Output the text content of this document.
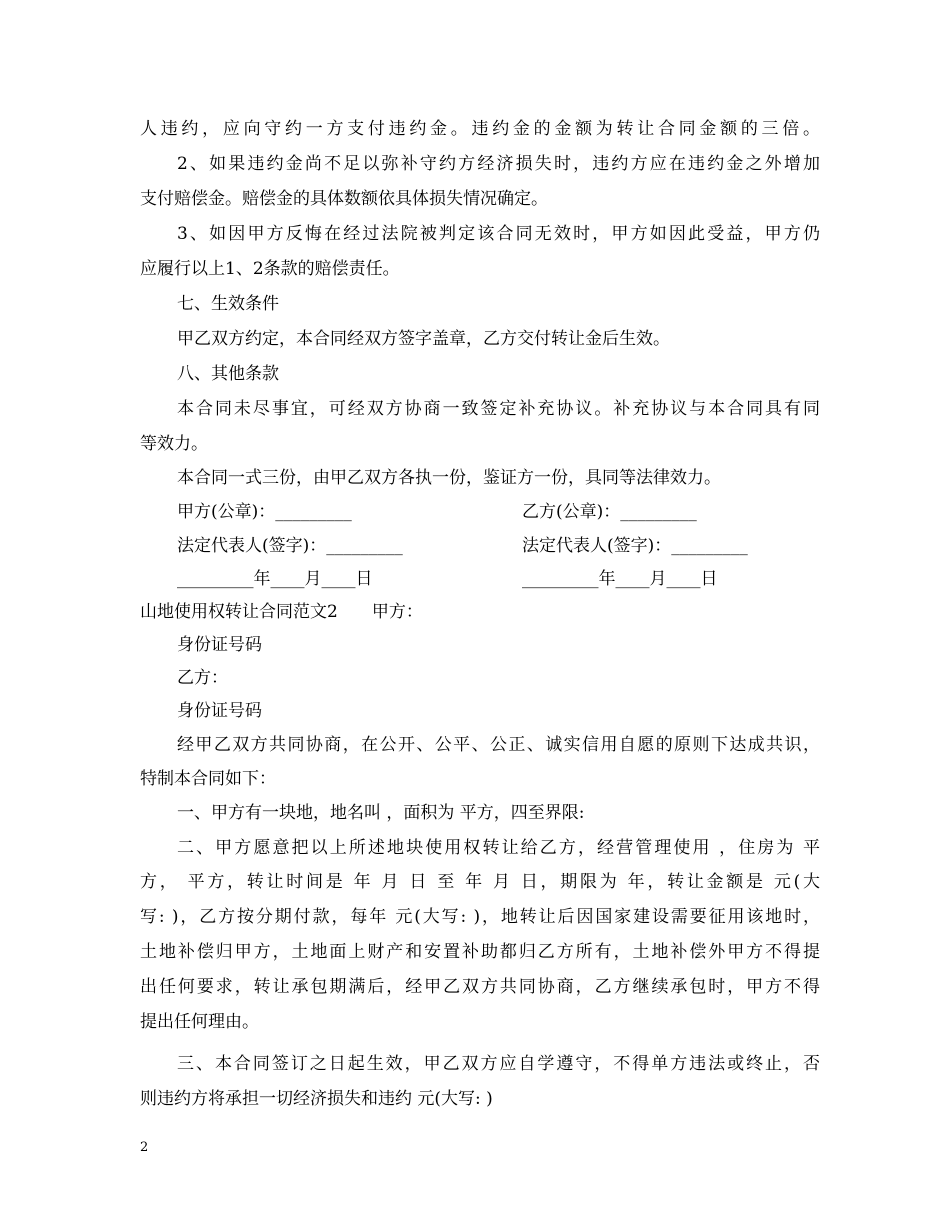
人违约，应向守约一方支付违约金。违约金的金额为转让合同金额的三倍。
2、如果违约金尚不足以弥补守约方经济损失时，违约方应在违约金之外增加
支付赔偿金。赔偿金的具体数额依具体损失情况确定。
3、如因甲方反悔在经过法院被判定该合同无效时，甲方如因此受益，甲方仍
应履行以上1、2条款的赔偿责任。
七、生效条件
甲乙双方约定，本合同经双方签字盖章，乙方交付转让金后生效。
八、其他条款
本合同未尽事宜，可经双方协商一致签定补充协议。补充协议与本合同具有同
等效力。
本合同一式三份，由甲乙双方各执一份，鉴证方一份，具同等法律效力。
甲方(公章)：_________	乙方(公章)：_________
法定代表人(签字)：_________	法定代表人(签字)：_________
_________年____月____日	_________年____月____日
山地使用权转让合同范文2　　甲方：
身份证号码
乙方：
身份证号码
经甲乙双方共同协商，在公开、公平、公正、诚实信用自愿的原则下达成共识，
特制本合同如下：
一、甲方有一块地，地名叫 ，面积为 平方，四至界限:
二、甲方愿意把以上所述地块使用权转让给乙方，经营管理使用 ，住房为 平
方， 平方，转让时间是 年 月 日 至 年 月 日，期限为 年，转让金额是 元(大
写: )，乙方按分期付款，每年 元(大写: )，地转让后因国家建设需要征用该地时，
土地补偿归甲方，土地面上财产和安置补助都归乙方所有，土地补偿外甲方不得提
出任何要求，转让承包期满后，经甲乙双方共同协商，乙方继续承包时，甲方不得
提出任何理由。
三、本合同签订之日起生效，甲乙双方应自学遵守，不得单方违法或终止，否
则违约方将承担一切经济损失和违约 元(大写: )
2
